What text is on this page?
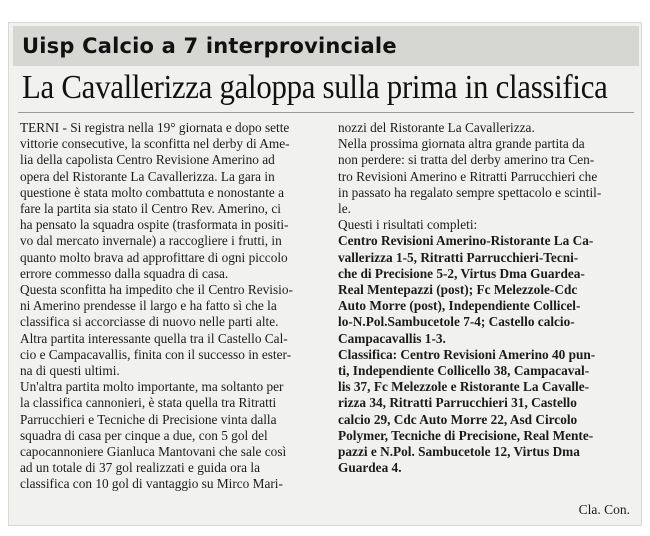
Uisp Calcio a 7 interprovinciale
La Cavallerizza galoppa sulla prima in classifica

TERNI - Si registra nella 19° giornata e dopo sette
vittorie consecutive, la sconfitta nel derby di Ame-
lia della capolista Centro Revisione Amerino ad
opera del Ristorante La Cavallerizza. La gara in
questione è stata molto combattuta e nonostante a
fare la partita sia stato il Centro Rev. Amerino, ci
ha pensato la squadra ospite (trasformata in positi-
vo dal mercato invernale) a raccogliere i frutti, in
quanto molto brava ad approfittare di ogni piccolo
errore commesso dalla squadra di casa.
Questa sconfitta ha impedito che il Centro Revisio-
ni Amerino prendesse il largo e ha fatto sì che la
classifica si accorciasse di nuovo nelle parti alte.
Altra partita interessante quella tra il Castello Cal-
cio e Campacavallis, finita con il successo in ester-
na di questi ultimi.
Un'altra partita molto importante, ma soltanto per
la classifica cannonieri, è stata quella tra Ritratti
Parrucchieri e Tecniche di Precisione vinta dalla
squadra di casa per cinque a due, con 5 gol del
capocannoniere Gianluca Mantovani che sale così
ad un totale di 37 gol realizzati e guida ora la
classifica con 10 gol di vantaggio su Mirco Mari-

nozzi del Ristorante La Cavallerizza.
Nella prossima giornata altra grande partita da
non perdere: si tratta del derby amerino tra Cen-
tro Revisioni Amerino e Ritratti Parrucchieri che
in passato ha regalato sempre spettacolo e scintil-
le.
Questi i risultati completi:

Centro Revisioni Amerino-Ristorante La Ca-
vallerizza 1-5, Ritratti Parrucchieri-Tecni-
che di Precisione 5-2, Virtus Dma Guardea-
Real Mentepazzi (post); Fc Melezzole-Cdc
Auto Morre (post), Independiente Collicel-
lo-N.Pol.Sambucetole 7-4; Castello calcio-
Campacavallis 1-3.

Classifica: Centro Revisioni Amerino 40 pun-
ti, Independiente Collicello 38, Campacaval-
lis 37, Fc Melezzole e Ristorante La Cavalle-
rizza 34, Ritratti Parrucchieri 31, Castello
calcio 29, Cdc Auto Morre 22, Asd Circolo
Polymer, Tecniche di Precisione, Real Mente-
pazzi e N.Pol. Sambucetole 12, Virtus Dma
Guardea 4.

Cla. Con.
